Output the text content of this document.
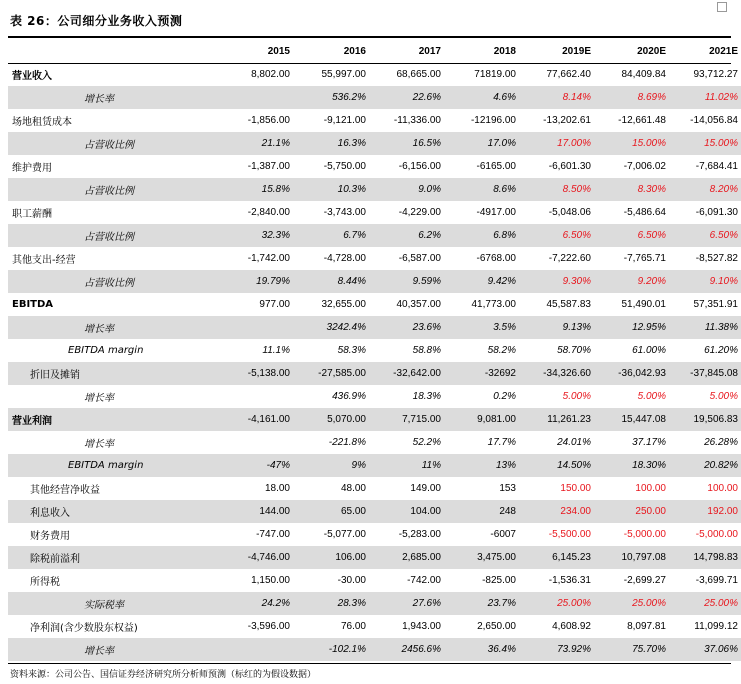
表 26：公司细分业务收入预测
	2015	2016	2017	2018	2019E	2020E	2021E
营业收入	8,802.00	55,997.00	68,665.00	71819.00	77,662.40	84,409.84	93,712.27
增长率		536.2%	22.6%	4.6%	8.14%	8.69%	11.02%
场地租赁成本	-1,856.00	-9,121.00	-11,336.00	-12196.00	-13,202.61	-12,661.48	-14,056.84
占营收比例	21.1%	16.3%	16.5%	17.0%	17.00%	15.00%	15.00%
维护费用	-1,387.00	-5,750.00	-6,156.00	-6165.00	-6,601.30	-7,006.02	-7,684.41
占营收比例	15.8%	10.3%	9.0%	8.6%	8.50%	8.30%	8.20%
职工薪酬	-2,840.00	-3,743.00	-4,229.00	-4917.00	-5,048.06	-5,486.64	-6,091.30
占营收比例	32.3%	6.7%	6.2%	6.8%	6.50%	6.50%	6.50%
其他支出-经营	-1,742.00	-4,728.00	-6,587.00	-6768.00	-7,222.60	-7,765.71	-8,527.82
占营收比例	19.79%	8.44%	9.59%	9.42%	9.30%	9.20%	9.10%
EBITDA	977.00	32,655.00	40,357.00	41,773.00	45,587.83	51,490.01	57,351.91
增长率		3242.4%	23.6%	3.5%	9.13%	12.95%	11.38%
EBITDA margin	11.1%	58.3%	58.8%	58.2%	58.70%	61.00%	61.20%
折旧及摊销	-5,138.00	-27,585.00	-32,642.00	-32692	-34,326.60	-36,042.93	-37,845.08
增长率		436.9%	18.3%	0.2%	5.00%	5.00%	5.00%
营业利润	-4,161.00	5,070.00	7,715.00	9,081.00	11,261.23	15,447.08	19,506.83
增长率		-221.8%	52.2%	17.7%	24.01%	37.17%	26.28%
EBITDA margin	-47%	9%	11%	13%	14.50%	18.30%	20.82%
其他经营净收益	18.00	48.00	149.00	153	150.00	100.00	100.00
利息收入	144.00	65.00	104.00	248	234.00	250.00	192.00
财务费用	-747.00	-5,077.00	-5,283.00	-6007	-5,500.00	-5,000.00	-5,000.00
除税前溢利	-4,746.00	106.00	2,685.00	3,475.00	6,145.23	10,797.08	14,798.83
所得税	1,150.00	-30.00	-742.00	-825.00	-1,536.31	-2,699.27	-3,699.71
实际税率	24.2%	28.3%	27.6%	23.7%	25.00%	25.00%	25.00%
净利润(含少数股东权益)	-3,596.00	76.00	1,943.00	2,650.00	4,608.92	8,097.81	11,099.12
增长率		-102.1%	2456.6%	36.4%	73.92%	75.70%	37.06%
资料来源：公司公告、国信证券经济研究所分析师预测（标红的为假设数据）
